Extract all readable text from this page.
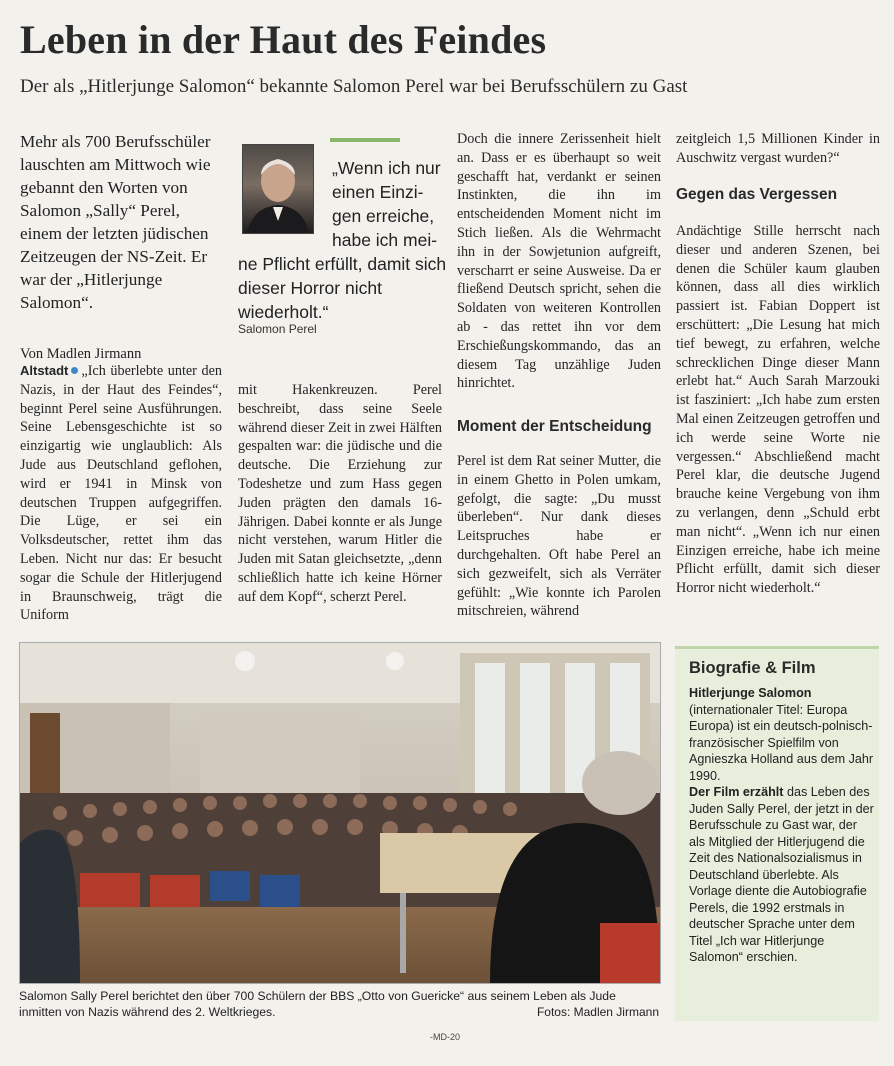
Leben in der Haut des Feindes
Der als „Hitlerjunge Salomon“ bekannte Salomon Perel war bei Berufsschülern zu Gast
Mehr als 700 Berufsschüler lauschten am Mittwoch wie gebannt den Worten von Salomon „Sally“ Perel, einem der letzten jüdischen Zeitzeugen der NS-Zeit. Er war der „Hitlerjunge Salomon“.
Von Madlen Jirmann

Altstadt „Ich überlebte unter den Nazis, in der Haut des Feindes“, beginnt Perel seine Ausführungen. Seine Lebensgeschichte ist so einzigartig wie unglaublich: Als Jude aus Deutschland geflohen, wird er 1941 in Minsk von deutschen Truppen aufgegriffen. Die Lüge, er sei ein Volksdeutscher, rettet ihm das Leben. Nicht nur das: Er besucht sogar die Schule der Hitlerjugend in Braunschweig, trägt die Uniform

„Wenn ich nur
einen Einzi-
gen erreiche,
habe ich mei-
ne Pflicht erfüllt, damit sich dieser Horror nicht wiederholt.“
Salomon Perel
mit Hakenkreuzen. Perel beschreibt, dass seine Seele während dieser Zeit in zwei Hälften gespalten war: die jüdische und die deutsche. Die Erziehung zur Todeshetze und zum Hass gegen Juden prägten den damals 16-Jährigen. Dabei konnte er als Junge nicht verstehen, warum Hitler die Juden mit Satan gleichsetzte, „denn schließlich hatte ich keine Hörner auf dem Kopf“, scherzt Perel.
Doch die innere Zerissenheit hielt an. Dass er es überhaupt so weit geschafft hat, verdankt er seinen Instinkten, die ihn im entscheidenden Moment nicht im Stich ließen. Als die Wehrmacht ihn in der Sowjetunion aufgreift, verscharrt er seine Ausweise. Da er fließend Deutsch spricht, sehen die Soldaten von weiteren Kontrollen ab - das rettet ihn vor dem Erschießungskommando, das an diesem Tag unzählige Juden hinrichtet.
Moment der Entscheidung
Perel ist dem Rat seiner Mutter, die in einem Ghetto in Polen umkam, gefolgt, die sagte: „Du musst überleben“. Nur dank dieses Leitspruches habe er durchgehalten. Oft habe Perel an sich gezweifelt, sich als Verräter gefühlt: „Wie konnte ich Parolen mitschreien, während
zeitgleich 1,5 Millionen Kinder in Auschwitz vergast wurden?“
Gegen das Vergessen
Andächtige Stille herrscht nach dieser und anderen Szenen, bei denen die Schüler kaum glauben können, dass all dies wirklich passiert ist. Fabian Doppert ist erschüttert: „Die Lesung hat mich tief bewegt, zu erfahren, welche schrecklichen Dinge dieser Mann erlebt hat.“ Auch Sarah Marzouki ist fasziniert: „Ich habe zum ersten Mal einen Zeitzeugen getroffen und ich werde seine Worte nie vergessen.“ Abschließend macht Perel klar, die deutsche Jugend brauche keine Vergebung von ihm zu verlangen, denn „Schuld erbt man nicht“. „Wenn ich nur einen Einzigen erreiche, habe ich meine Pflicht erfüllt, damit sich dieser Horror nicht wiederholt.“
Salomon Sally Perel berichtet den über 700 Schülern der BBS „Otto von Guericke“ aus seinem Leben als Jude inmitten von Nazis während des 2. Weltkrieges.	Fotos: Madlen Jirmann
Biografie & Film
Hitlerjunge Salomon
(internationaler Titel: Europa Europa) ist ein deutsch-polnisch-französischer Spielfilm von Agnieszka Holland aus dem Jahr 1990.
Der Film erzählt das Leben des Juden Sally Perel, der jetzt in der Berufsschule zu Gast war, der als Mitglied der Hitlerjugend die Zeit des Nationalsozialismus in Deutschland überlebte. Als Vorlage diente die Autobiografie Perels, die 1992 erstmals in deutscher Sprache unter dem Titel „Ich war Hitlerjunge Salomon“ erschien.
-MD-20
